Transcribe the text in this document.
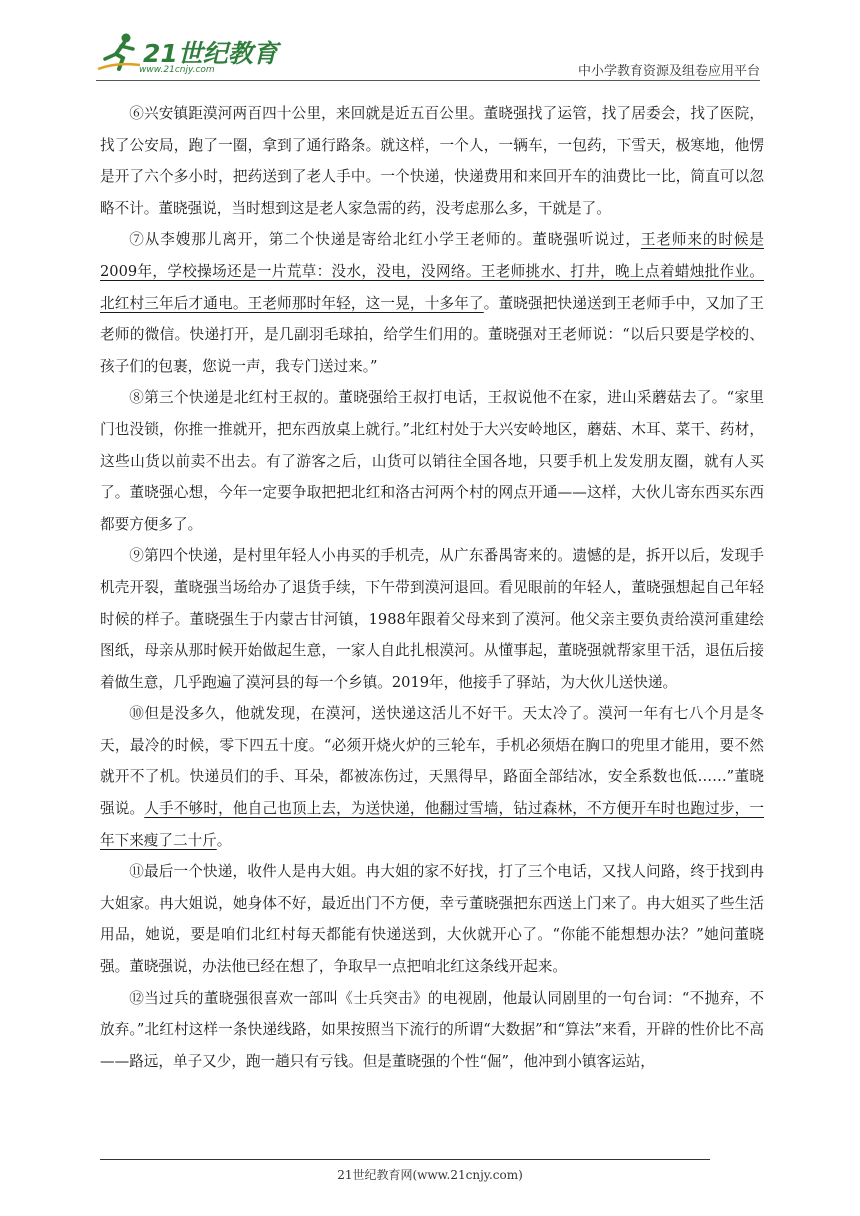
21世纪教育
www.21cnjy.com	中小学教育资源及组卷应用平台

⑥兴安镇距漠河两百四十公里，来回就是近五百公里。董晓强找了运管，找了居委会，找了医院，找了公安局，跑了一圈，拿到了通行路条。就这样，一个人，一辆车，一包药，下雪天，极寒地，他愣是开了六个多小时，把药送到了老人手中。一个快递，快递费用和来回开车的油费比一比，简直可以忽略不计。董晓强说，当时想到这是老人家急需的药，没考虑那么多，干就是了。

⑦从李嫂那儿离开，第二个快递是寄给北红小学王老师的。董晓强听说过，王老师来的时候是2009年，学校操场还是一片荒草：没水，没电，没网络。王老师挑水、打井，晚上点着蜡烛批作业。北红村三年后才通电。王老师那时年轻，这一晃，十多年了。董晓强把快递送到王老师手中，又加了王老师的微信。快递打开，是几副羽毛球拍，给学生们用的。董晓强对王老师说：“以后只要是学校的、孩子们的包裹，您说一声，我专门送过来。”

⑧第三个快递是北红村王叔的。董晓强给王叔打电话，王叔说他不在家，进山采蘑菇去了。“家里门也没锁，你推一推就开，把东西放桌上就行。”北红村处于大兴安岭地区，蘑菇、木耳、菜干、药材，这些山货以前卖不出去。有了游客之后，山货可以销往全国各地，只要手机上发发朋友圈，就有人买了。董晓强心想，今年一定要争取把把北红和洛古河两个村的网点开通——这样，大伙儿寄东西买东西都要方便多了。

⑨第四个快递，是村里年轻人小冉买的手机壳，从广东番禺寄来的。遗憾的是，拆开以后，发现手机壳开裂，董晓强当场给办了退货手续，下午带到漠河退回。看见眼前的年轻人，董晓强想起自己年轻时候的样子。董晓强生于内蒙古甘河镇，1988年跟着父母来到了漠河。他父亲主要负责给漠河重建绘图纸，母亲从那时候开始做起生意，一家人自此扎根漠河。从懂事起，董晓强就帮家里干活，退伍后接着做生意，几乎跑遍了漠河县的每一个乡镇。2019年，他接手了驿站，为大伙儿送快递。

⑩但是没多久，他就发现，在漠河，送快递这活儿不好干。天太冷了。漠河一年有七八个月是冬天，最冷的时候，零下四五十度。“必须开烧火炉的三轮车，手机必须焐在胸口的兜里才能用，要不然就开不了机。快递员们的手、耳朵，都被冻伤过，天黑得早，路面全部结冰，安全系数也低……”董晓强说。人手不够时，他自己也顶上去，为送快递，他翻过雪墙，钻过森林，不方便开车时也跑过步，一年下来瘦了二十斤。

⑪最后一个快递，收件人是冉大姐。冉大姐的家不好找，打了三个电话，又找人问路，终于找到冉大姐家。冉大姐说，她身体不好，最近出门不方便，幸亏董晓强把东西送上门来了。冉大姐买了些生活用品，她说，要是咱们北红村每天都能有快递送到，大伙就开心了。“你能不能想想办法？”她问董晓强。董晓强说，办法他已经在想了，争取早一点把咱北红这条线开起来。

⑫当过兵的董晓强很喜欢一部叫《士兵突击》的电视剧，他最认同剧里的一句台词：“不抛弃，不放弃。”北红村这样一条快递线路，如果按照当下流行的所谓“大数据”和“算法”来看，开辟的性价比不高——路远，单子又少，跑一趟只有亏钱。但是董晓强的个性“倔”，他冲到小镇客运站，

21世纪教育网(www.21cnjy.com)
